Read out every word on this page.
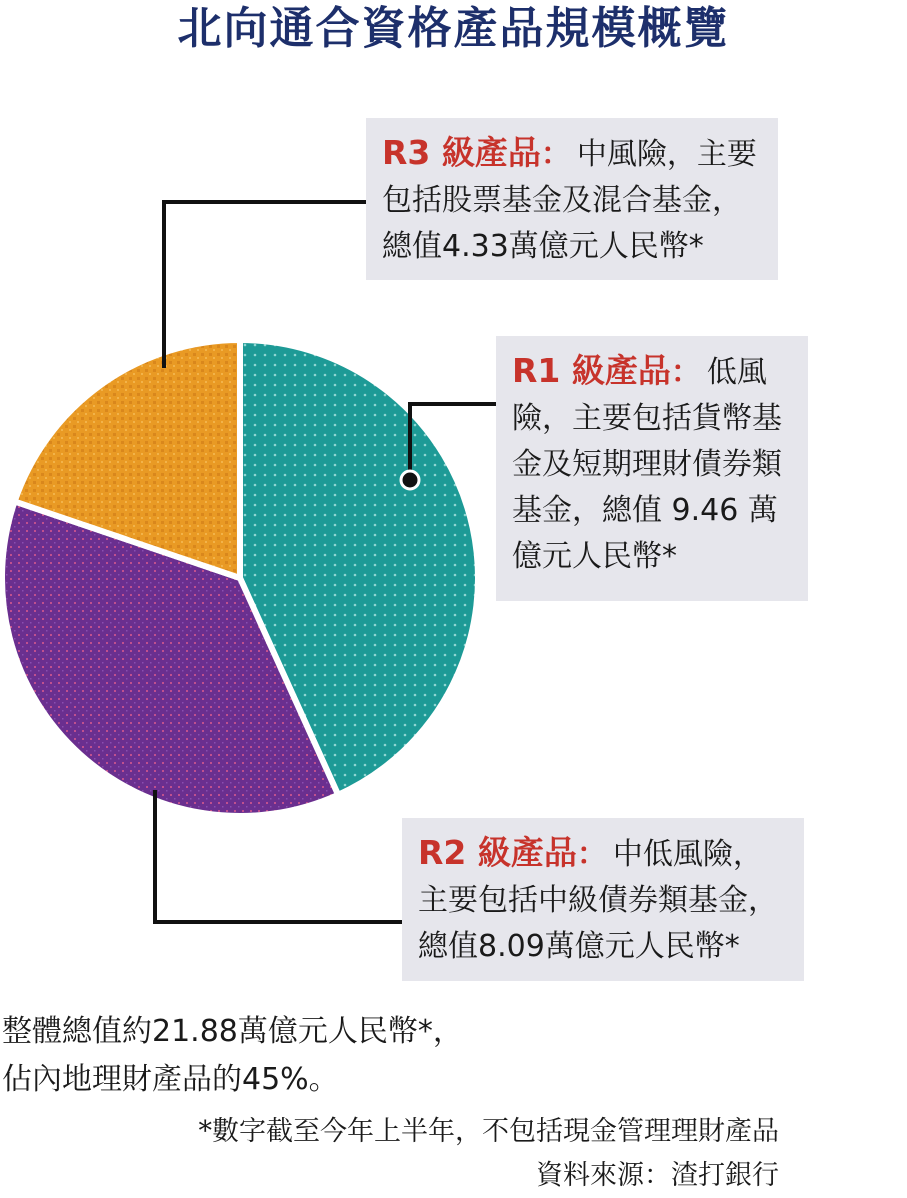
北向通合資格產品規模概覽
R3 級產品： 中風險，主要
包括股票基金及混合基金，
總值4.33萬億元人民幣*
R1 級產品： 低風
險，主要包括貨幣基
金及短期理財債券類
基金，總值 9.46 萬
億元人民幣*
R2 級產品： 中低風險，
主要包括中級債券類基金，
總值8.09萬億元人民幣*
整體總值約21.88萬億元人民幣*，
佔內地理財產品的45%。
*數字截至今年上半年，不包括現金管理理財產品
資料來源：渣打銀行
